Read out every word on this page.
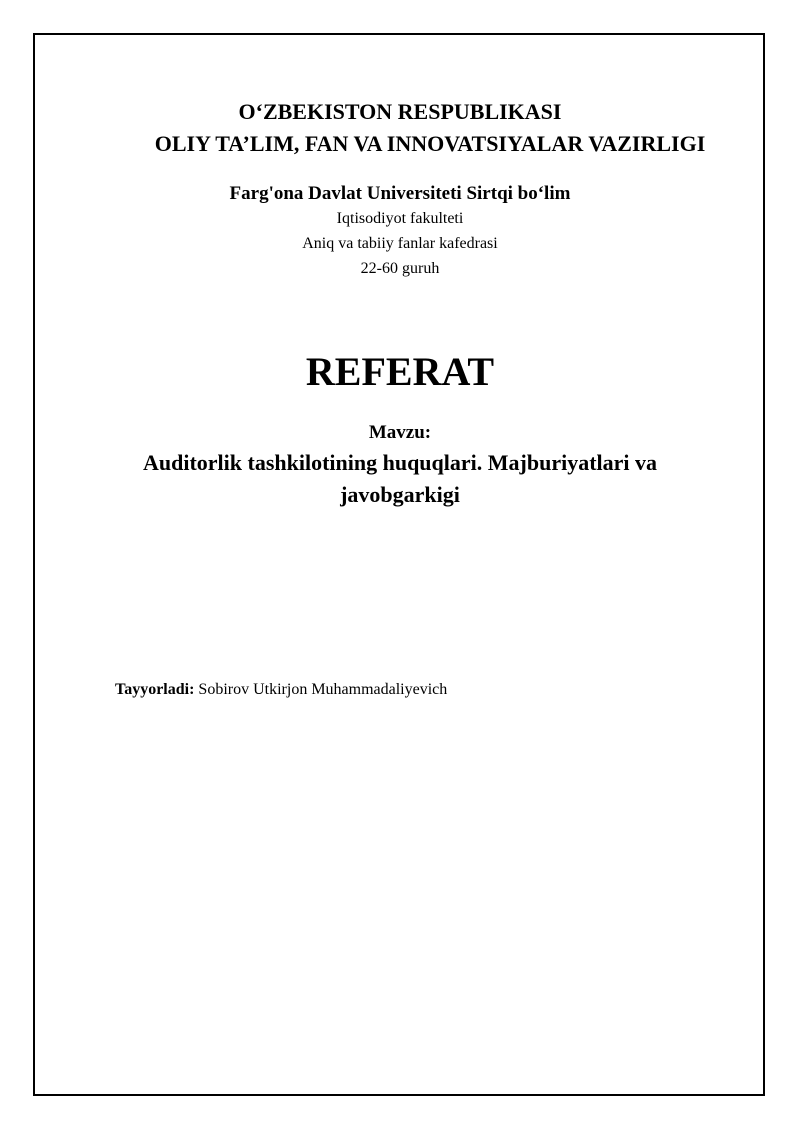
O‘ZBEKISTON RESPUBLIKASI
OLIY TA’LIM, FAN VA INNOVATSIYALAR VAZIRLIGI
Farg'ona Davlat Universiteti Sirtqi bo‘lim
Iqtisodiyot fakulteti
Aniq va tabiiy fanlar kafedrasi
22-60 guruh
REFERAT
Mavzu:
Auditorlik tashkilotining huquqlari. Majburiyatlari va
javobgarkigi
Tayyorladi: Sobirov Utkirjon Muhammadaliyevich
